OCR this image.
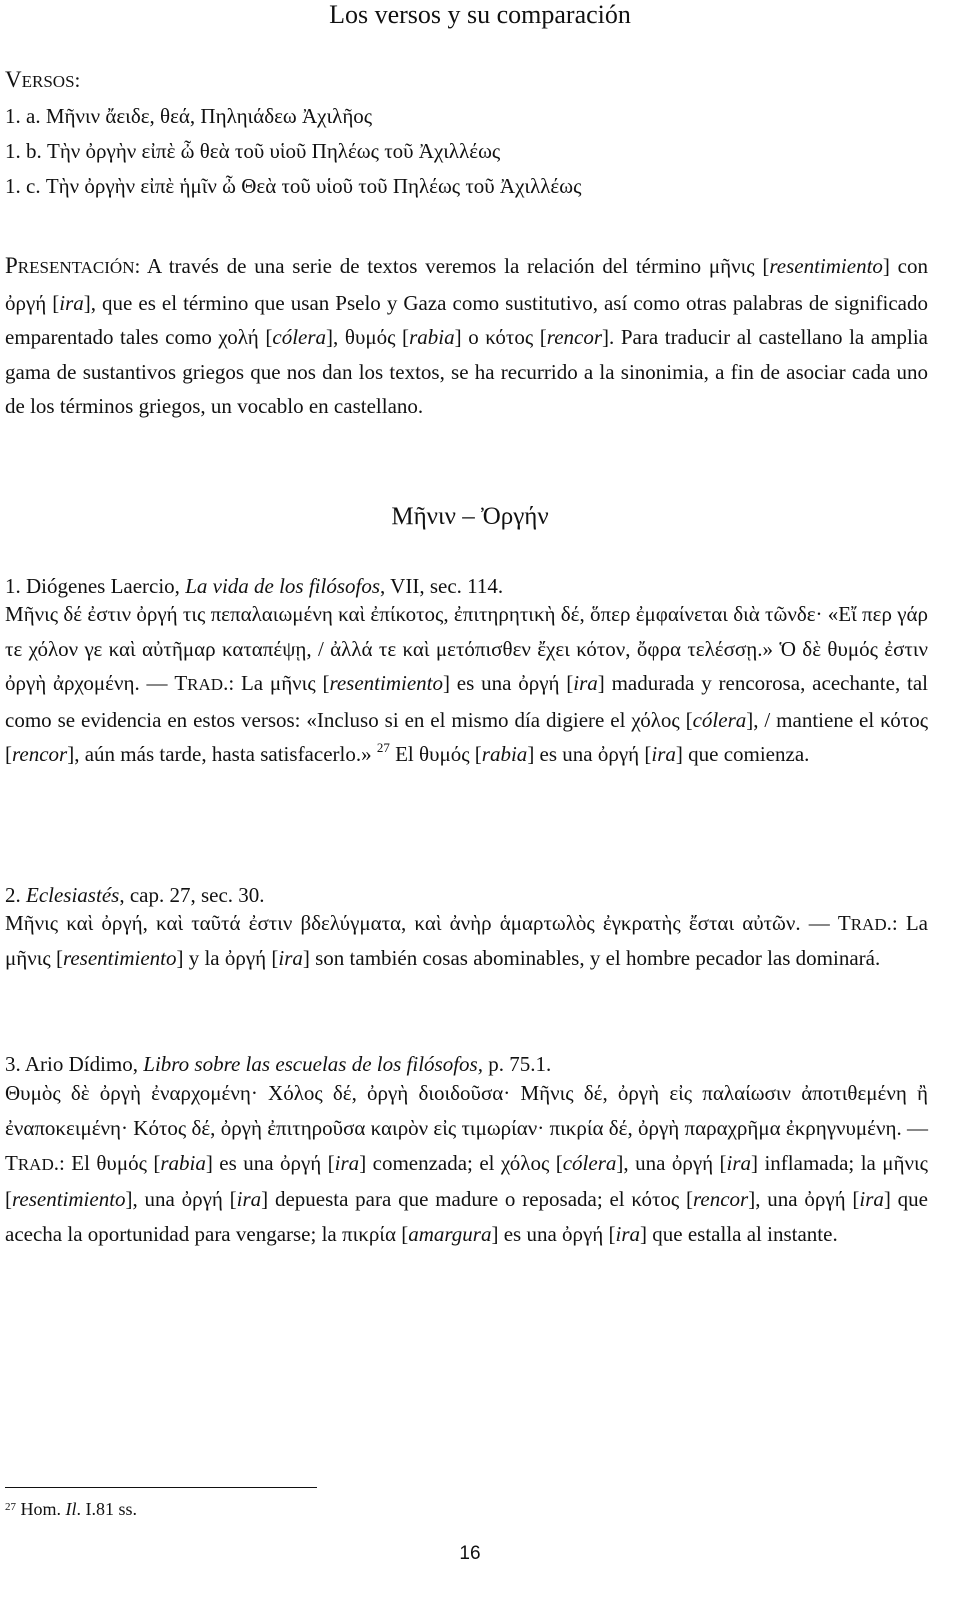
Los versos y su comparación
VERSOS:
1. a. Μῆνιν ἄειδε, θεά, Πηληιάδεω Ἀχιλῆος
1. b. Τὴν ὀργὴν εἰπὲ ὦ θεὰ τοῦ υἱοῦ Πηλέως τοῦ Ἀχιλλέως
1. c. Τὴν ὀργὴν εἰπὲ ἡμῖν ὦ Θεὰ τοῦ υἱοῦ τοῦ Πηλέως τοῦ Ἀχιλλέως

PRESENTACIÓN: A través de una serie de textos veremos la relación del término μῆνις [resentimiento] con ὀργή [ira], que es el término que usan Pselo y Gaza como sustitutivo, así como otras palabras de significado emparentado tales como χολή [cólera], θυμός [rabia] o κότος [rencor]. Para traducir al castellano la amplia gama de sustantivos griegos que nos dan los textos, se ha recurrido a la sinonimia, a fin de asociar cada uno de los términos griegos, un vocablo en castellano.

Μῆνιν – Ὀργήν
1. Diógenes Laercio, La vida de los filósofos, VII, sec. 114.

Μῆνις δέ ἐστιν ὀργή τις πεπαλαιωμένη καὶ ἐπίκοτος, ἐπιτηρητικὴ δέ, ὅπερ ἐμφαίνεται διὰ τῶνδε· «Εἴ περ γάρ τε χόλον γε καὶ αὐτῆμαρ καταπέψῃ, / ἀλλά τε καὶ μετόπισθεν ἔχει κότον, ὄφρα τελέσσῃ.» Ὁ δὲ θυμός ἐστιν ὀργὴ ἀρχομένη. — TRAD.: La μῆνις [resentimiento] es una ὀργή [ira] madurada y rencorosa, acechante, tal como se evidencia en estos versos: «Incluso si en el mismo día digiere el χόλος [cólera], / mantiene el κότος [rencor], aún más tarde, hasta satisfacerlo.» $^{27}$ El θυμός [rabia] es una ὀργή [ira] que comienza.

2. Eclesiastés, cap. 27, sec. 30.

Μῆνις καὶ ὀργή, καὶ ταῦτά ἐστιν βδελύγματα, καὶ ἀνὴρ ἁμαρτωλὸς ἐγκρατὴς ἔσται αὐτῶν. — TRAD.: La μῆνις [resentimiento] y la ὀργή [ira] son también cosas abominables, y el hombre pecador las dominará.

3. Ario Dídimo, Libro sobre las escuelas de los filósofos, p. 75.1.

Θυμὸς δὲ ὀργὴ ἐναρχομένη· Χόλος δέ, ὀργὴ διοιδοῦσα· Μῆνις δέ, ὀργὴ εἰς παλαίωσιν ἀποτιθεμένη ἢ ἐναποκειμένη· Κότος δέ, ὀργὴ ἐπιτηροῦσα καιρὸν εἰς τιμωρίαν· πικρία δέ, ὀργὴ παραχρῆμα ἐκρηγνυμένη. — TRAD.: El θυμός [rabia] es una ὀργή [ira] comenzada; el χόλος [cólera], una ὀργή [ira] inflamada; la μῆνις [resentimiento], una ὀργή [ira] depuesta para que madure o reposada; el κότος [rencor], una ὀργή [ira] que acecha la oportunidad para vengarse; la πικρία [amargura] es una ὀργή [ira] que estalla al instante.

$^{27}$ Hom. Il. I.81 ss.
16
